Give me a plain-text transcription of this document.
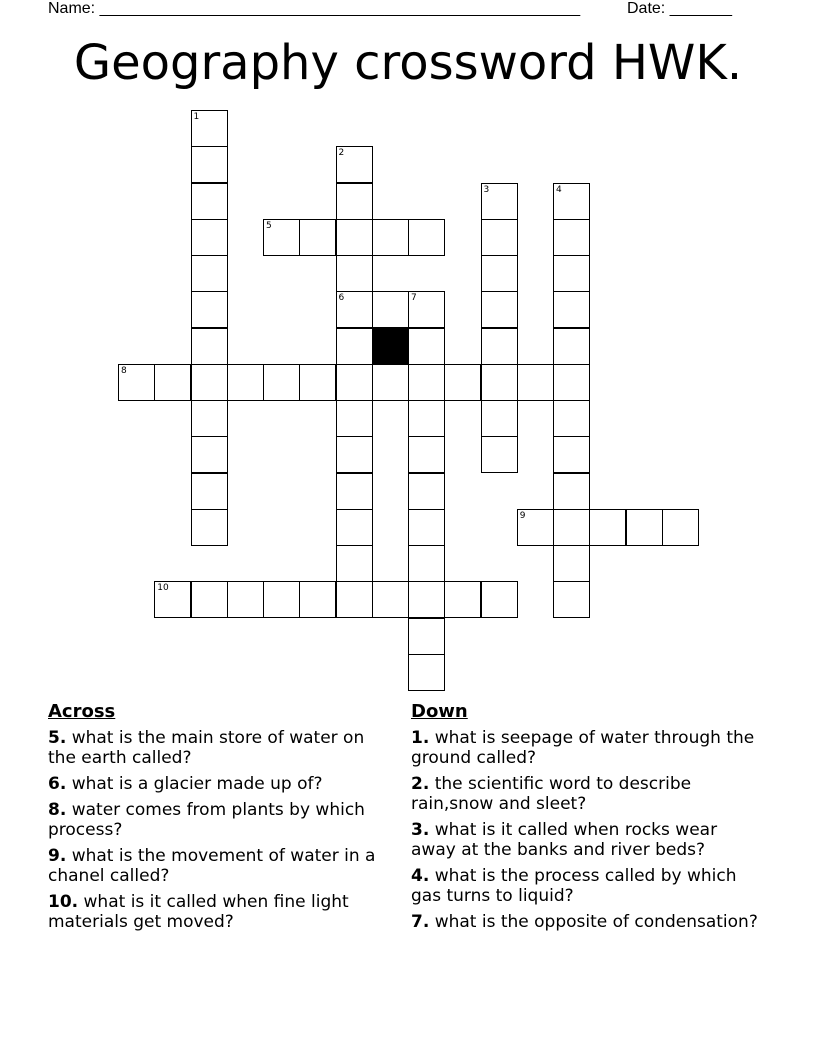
Name: ______________________________________________________	Date: _______
Geography crossword HWK.
1
2
6
3	4
5
7
8
9
10
Across
5. what is the main store of water on the earth called?
6. what is a glacier made up of?
8. water comes from plants by which process?
9. what is the movement of water in a chanel called?
10. what is it called when fine light materials get moved?
Down
1. what is seepage of water through the ground called?
2. the scientific word to describe rain,snow and sleet?
3. what is it called when rocks wear away at the banks and river beds?
4. what is the process called by which gas turns to liquid?
7. what is the opposite of condensation?
